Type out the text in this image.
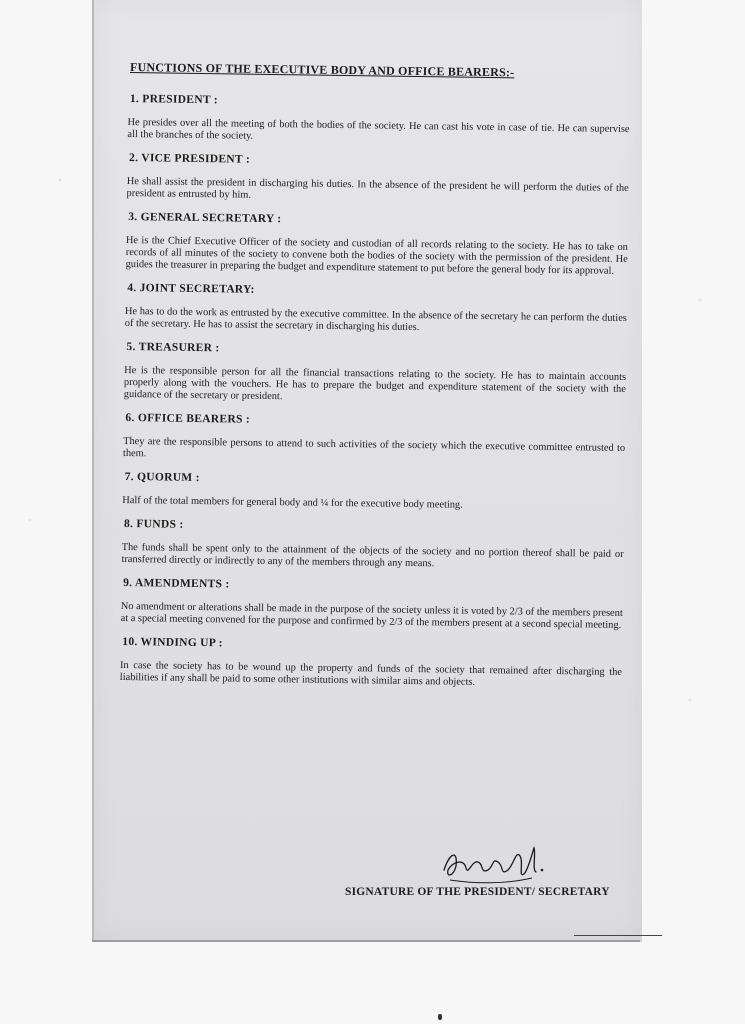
FUNCTIONS OF THE EXECUTIVE BODY AND OFFICE BEARERS:-
1. PRESIDENT :

He presides over all the meeting of both the bodies of the society. He can cast his vote in case of tie. He can supervise all the branches of the society.

2. VICE PRESIDENT :

He shall assist the president in discharging his duties. In the absence of the president he will perform the duties of the president as entrusted by him.

3. GENERAL SECRETARY :

He is the Chief Executive Officer of the society and custodian of all records relating to the society. He has to take on records of all minutes of the society to convene both the bodies of the society with the permission of the president. He guides the treasurer in preparing the budget and expenditure statement to put before the general body for its approval.

4. JOINT SECRETARY:

He has to do the work as entrusted by the executive committee. In the absence of the secretary he can perform the duties of the secretary. He has to assist the secretary in discharging his duties.

5. TREASURER :

He is the responsible person for all the financial transactions relating to the society. He has to maintain accounts properly along with the vouchers. He has to prepare the budget and expenditure statement of the society with the guidance of the secretary or president.

6. OFFICE BEARERS :

They are the responsible persons to attend to such activities of the society which the executive committee entrusted to them.

7. QUORUM :

Half of the total members for general body and ¼ for the executive body meeting.

8. FUNDS :

The funds shall be spent only to the attainment of the objects of the society and no portion thereof shall be paid or transferred directly or indirectly to any of the members through any means.

9. AMENDMENTS :

No amendment or alterations shall be made in the purpose of the society unless it is voted by 2/3 of the members present at a special meeting convened for the purpose and confirmed by 2/3 of the members present at a second special meeting.

10. WINDING UP :

In case the society has to be wound up the property and funds of the society that remained after discharging the liabilities if any shall be paid to some other institutions with similar aims and objects.

SIGNATURE OF THE PRESIDENT/ SECRETARY
